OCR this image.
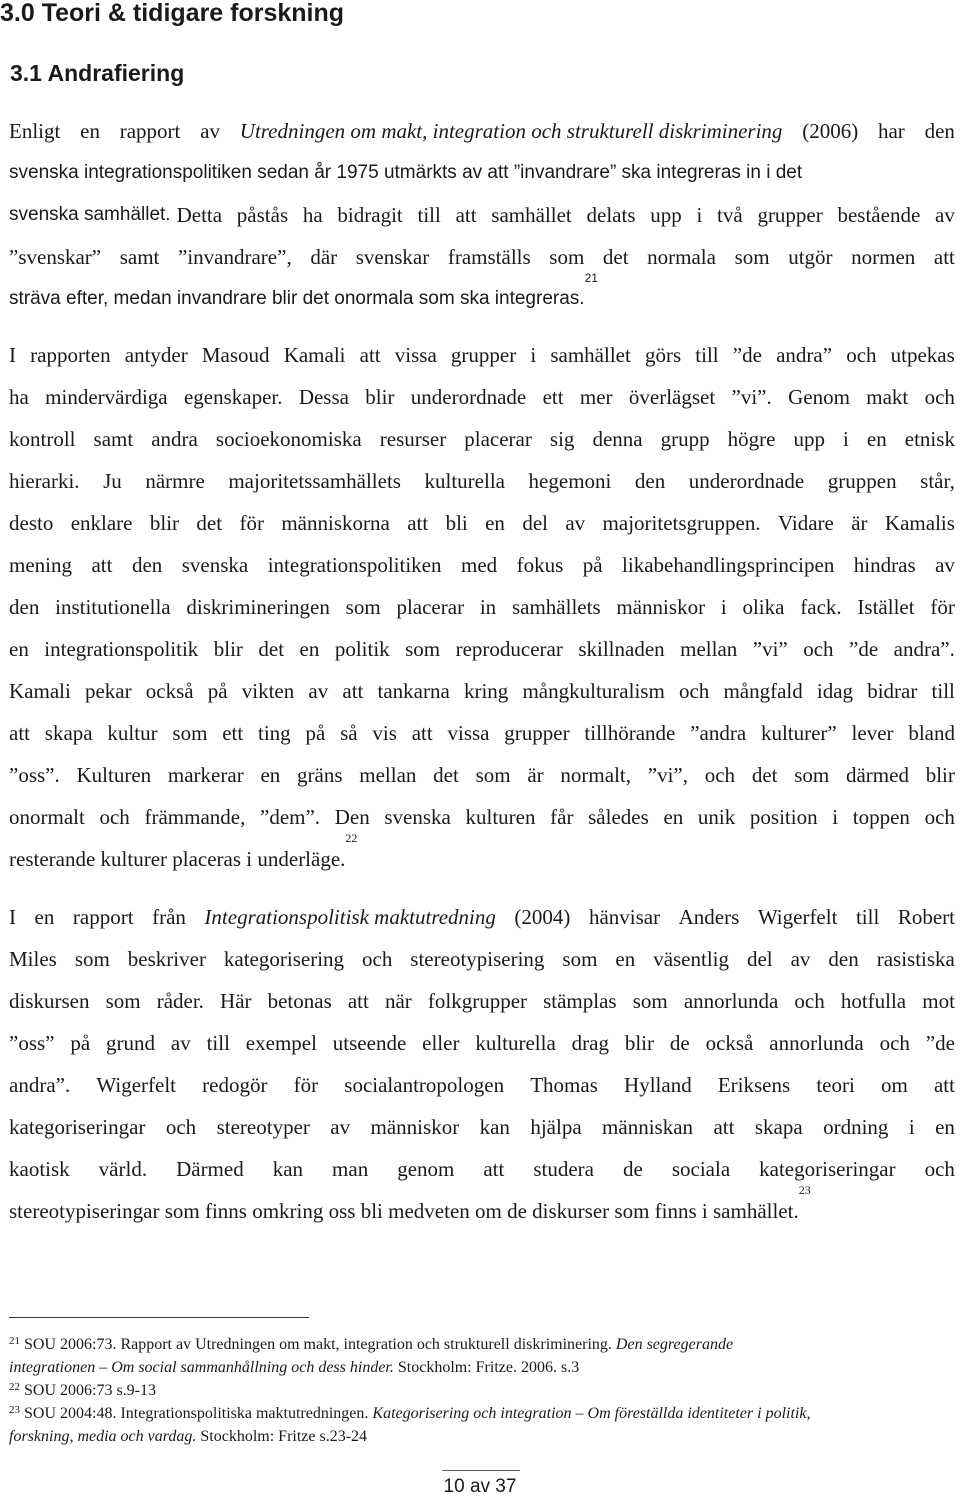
3.0 Teori & tidigare forskning
3.1 Andrafiering
Enligt en rapport av Utredningen om makt, integration och strukturell diskriminering (2006) har den
svenska integrationspolitiken sedan år 1975 utmärkts av att ”invandrare” ska integreras in i det
svenska samhället. Detta påstås ha bidragit till att samhället delats upp i två grupper bestående av
”svenskar” samt ”invandrare”, där svenskar framställs som det normala som utgör normen att
sträva efter, medan invandrare blir det onormala som ska integreras.
21
I rapporten antyder Masoud Kamali att vissa grupper i samhället görs till ”de andra” och utpekas
ha mindervärdiga egenskaper. Dessa blir underordnade ett mer överlägset ”vi”. Genom makt och
kontroll samt andra socioekonomiska resurser placerar sig denna grupp högre upp i en etnisk
hierarki. Ju närmre majoritetssamhällets kulturella hegemoni den underordnade gruppen står,
desto enklare blir det för människorna att bli en del av majoritetsgruppen. Vidare är Kamalis
mening att den svenska integrationspolitiken med fokus på likabehandlingsprincipen hindras av
den institutionella diskrimineringen som placerar in samhällets människor i olika fack. Istället för
en integrationspolitik blir det en politik som reproducerar skillnaden mellan ”vi” och ”de andra”.
Kamali pekar också på vikten av att tankarna kring mångkulturalism och mångfald idag bidrar till
att skapa kultur som ett ting på så vis att vissa grupper tillhörande ”andra kulturer” lever bland
”oss”. Kulturen markerar en gräns mellan det som är normalt, ”vi”, och det som därmed blir
onormalt och främmande, ”dem”. Den svenska kulturen får således en unik position i toppen och
resterande kulturer placeras i underläge.
22
I en rapport från Integrationspolitisk maktutredning (2004) hänvisar Anders Wigerfelt till Robert
Miles som beskriver kategorisering och stereotypisering som en väsentlig del av den rasistiska
diskursen som råder. Här betonas att när folkgrupper stämplas som annorlunda och hotfulla mot
”oss” på grund av till exempel utseende eller kulturella drag blir de också annorlunda och ”de
andra”. Wigerfelt redogör för socialantropologen Thomas Hylland Eriksens teori om att
kategoriseringar och stereotyper av människor kan hjälpa människan att skapa ordning i en
kaotisk värld. Därmed kan man genom att studera de sociala kategoriseringar och
stereotypiseringar som finns omkring oss bli medveten om de diskurser som finns i samhället.
23
$^{21}$ SOU 2006:73. Rapport av Utredningen om makt, integration och strukturell diskriminering. Den segregerande
integrationen – Om social sammanhållning och dess hinder. Stockholm: Fritze. 2006. s.3
$^{22}$ SOU 2006:73 s.9-13
$^{23}$ SOU 2004:48. Integrationspolitiska maktutredningen. Kategorisering och integration – Om föreställda identiteter i politik,
forskning, media och vardag. Stockholm: Fritze s.23-24
10 av 37
